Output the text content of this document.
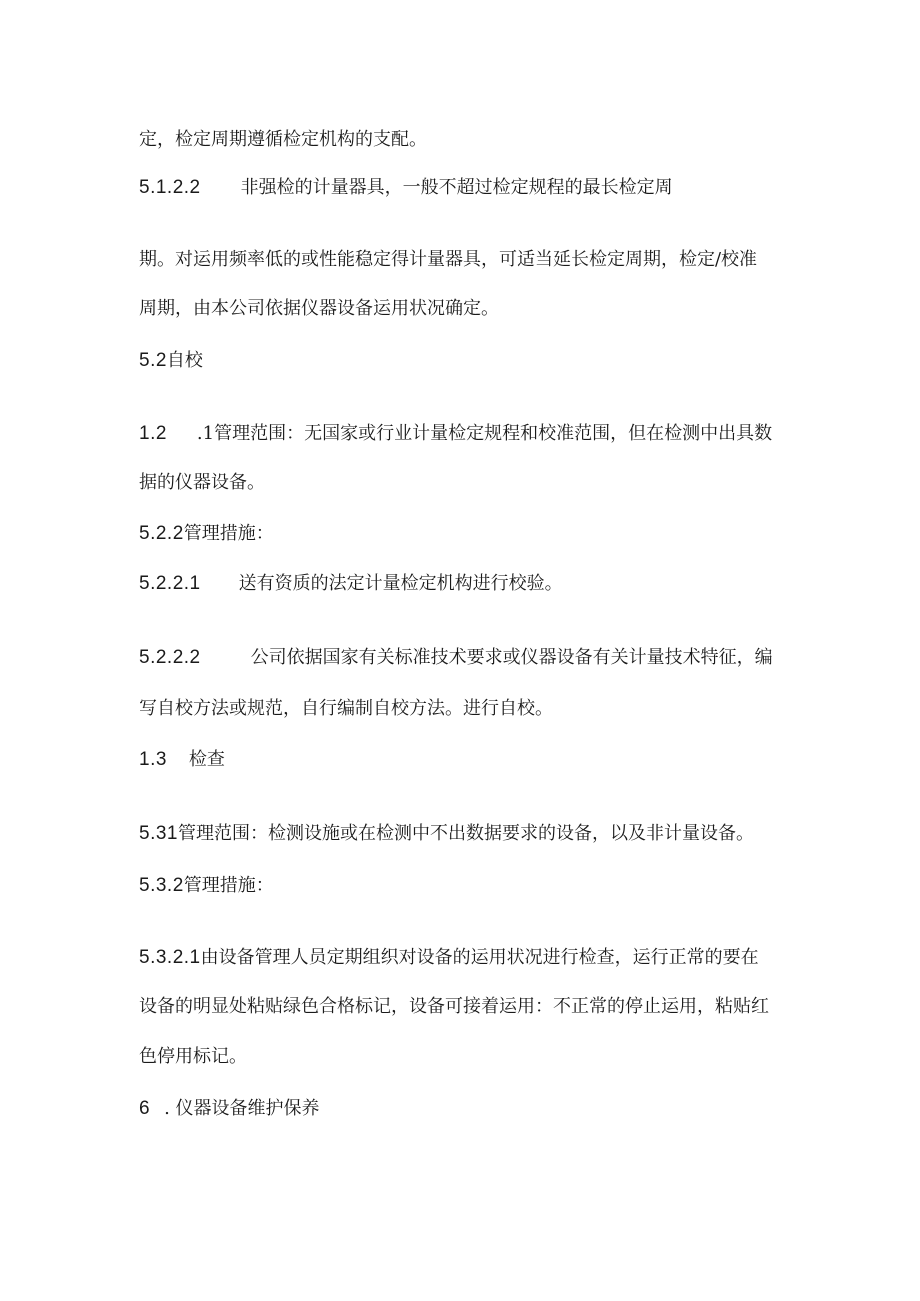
定，检定周期遵循检定机构的支配。
5.1.2.2 非强检的计量器具，一般不超过检定规程的最长检定周
期。对运用频率低的或性能稳定得计量器具，可适当延长检定周期，检定/校准
周期，由本公司依据仪器设备运用状况确定。
5.2 自校
1.2 .1管理范围：无国家或行业计量检定规程和校准范围，但在检测中出具数
据的仪器设备。
5.2.2 管理措施：
5.2.2.1 送有资质的法定计量检定机构进行校验。
5.2.2.2	公司依据国家有关标准技术要求或仪器设备有关计量技术特征，编
写自校方法或规范，自行编制自校方法。进行自校。
1.3 检查
5.31 管理范围：检测设施或在检测中不出数据要求的设备，以及非计量设备。
5.3.2 管理措施：
5.3.2.1 由设备管理人员定期组织对设备的运用状况进行检查，运行正常的要在
设备的明显处粘贴绿色合格标记，设备可接着运用：不正常的停止运用，粘贴红
色停用标记。
6 . 仪器设备维护保养
